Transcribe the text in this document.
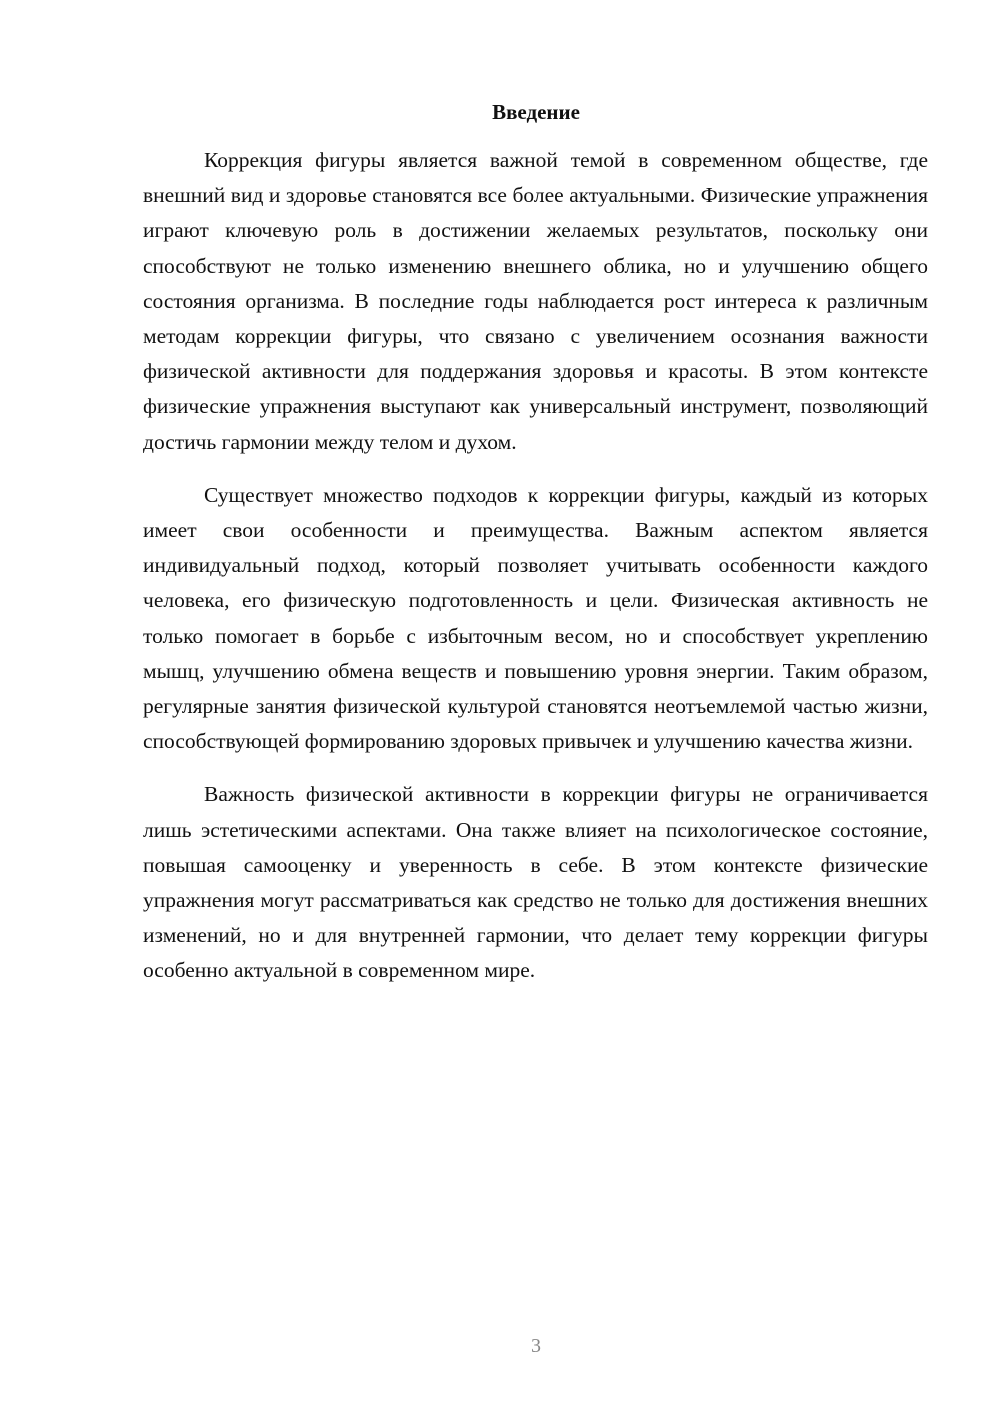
Введение

Коррекция фигуры является важной темой в современном обществе, где внешний вид и здоровье становятся все более актуальными. Физические упражнения играют ключевую роль в достижении желаемых результатов, поскольку они способствуют не только изменению внешнего облика, но и улучшению общего состояния организма. В последние годы наблюдается рост интереса к различным методам коррекции фигуры, что связано с увеличением осознания важности физической активности для поддержания здоровья и красоты. В этом контексте физические упражнения выступают как универсальный инструмент, позволяющий достичь гармонии между телом и духом.

Существует множество подходов к коррекции фигуры, каждый из которых имеет свои особенности и преимущества. Важным аспектом является индивидуальный подход, который позволяет учитывать особенности каждого человека, его физическую подготовленность и цели. Физическая активность не только помогает в борьбе с избыточным весом, но и способствует укреплению мышц, улучшению обмена веществ и повышению уровня энергии. Таким образом, регулярные занятия физической культурой становятся неотъемлемой частью жизни, способствующей формированию здоровых привычек и улучшению качества жизни.

Важность физической активности в коррекции фигуры не ограничивается лишь эстетическими аспектами. Она также влияет на психологическое состояние, повышая самооценку и уверенность в себе. В этом контексте физические упражнения могут рассматриваться как средство не только для достижения внешних изменений, но и для внутренней гармонии, что делает тему коррекции фигуры особенно актуальной в современном мире.

3
